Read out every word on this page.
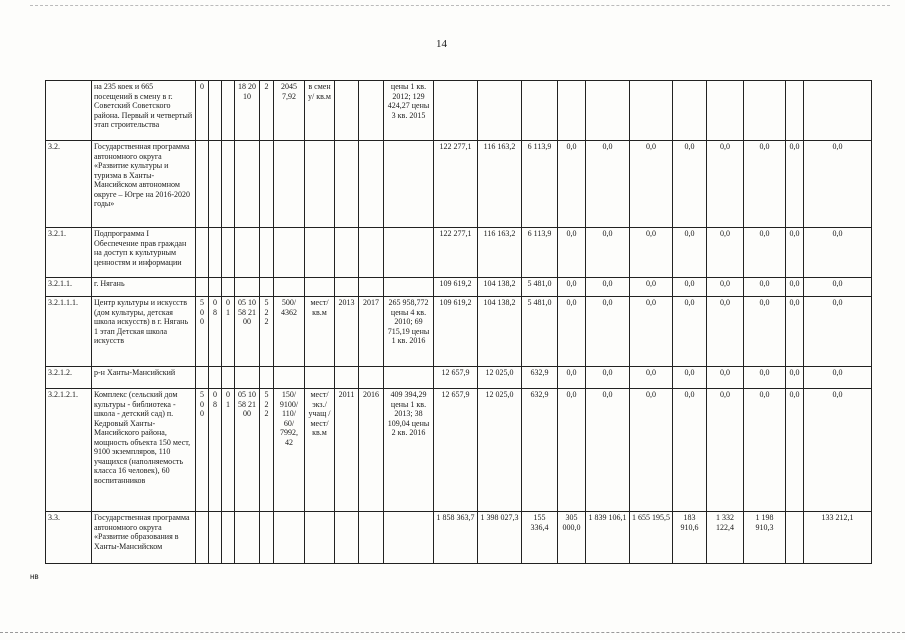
14
	на 235 коек и 665 посещений в смену в г. Советский Советского района. Первый и четвертый этап строительства	0			18 20 10	2	2045 7,92	в смен у/ кв.м			цены 1 кв. 2012; 129 424,27 цены 3 кв. 2015											
3.2.	Государственная программа автономного округа «Развитие культуры и туризма в Ханты-Мансийском автономном округе – Югре на 2016-2020 годы»											122 277,1	116 163,2	6 113,9	0,0	0,0	0,0	0,0	0,0	0,0	0,0	0,0
3.2.1.	Подпрограмма I Обеспечение прав граждан на доступ к культурным ценностям и информации											122 277,1	116 163,2	6 113,9	0,0	0,0	0,0	0,0	0,0	0,0	0,0	0,0
3.2.1.1.	г. Нягань											109 619,2	104 138,2	5 481,0	0,0	0,0	0,0	0,0	0,0	0,0	0,0	0,0
3.2.1.1.1.	Центр культуры и искусств (дом культуры, детская школа искусств) в г. Нягань 1 этап Детская школа искусств	5 0 0	0 8	0 1	05 10 58 21 00	5 2 2	500/ 4362	мест/ кв.м	2013	2017	265 958,772 цены 4 кв. 2010; 69 715,19 цены 1 кв. 2016	109 619,2	104 138,2	5 481,0	0,0	0,0	0,0	0,0	0,0	0,0	0,0	0,0
3.2.1.2.	р-н Ханты-Мансийский											12 657,9	12 025,0	632,9	0,0	0,0	0,0	0,0	0,0	0,0	0,0	0,0
3.2.1.2.1.	Комплекс (сельский дом культуры - библиотека - школа - детский сад) п. Кедровый Ханты-Мансийского района, мощность объекта 150 мест, 9100 экземпляров, 110 учащихся (наполняемость класса 16 человек), 60 воспитанников	5 0 0	0 8	0 1	05 10 58 21 00	5 2 2	150/ 9100/ 110/ 60/ 7992, 42	мест/ экз./ учащ / мест/ кв.м	2011	2016	409 394,29 цены 1 кв. 2013; 38 109,04 цены 2 кв. 2016	12 657,9	12 025,0	632,9	0,0	0,0	0,0	0,0	0,0	0,0	0,0	0,0
3.3.	Государственная программа автономного округа «Развитие образования в Ханты-Мансийском											1 858 363,7	1 398 027,3	155 336,4	305 000,0	1 839 106,1	1 655 195,5	183 910,6	1 332 122,4	1 198 910,3		133 212,1
нв
